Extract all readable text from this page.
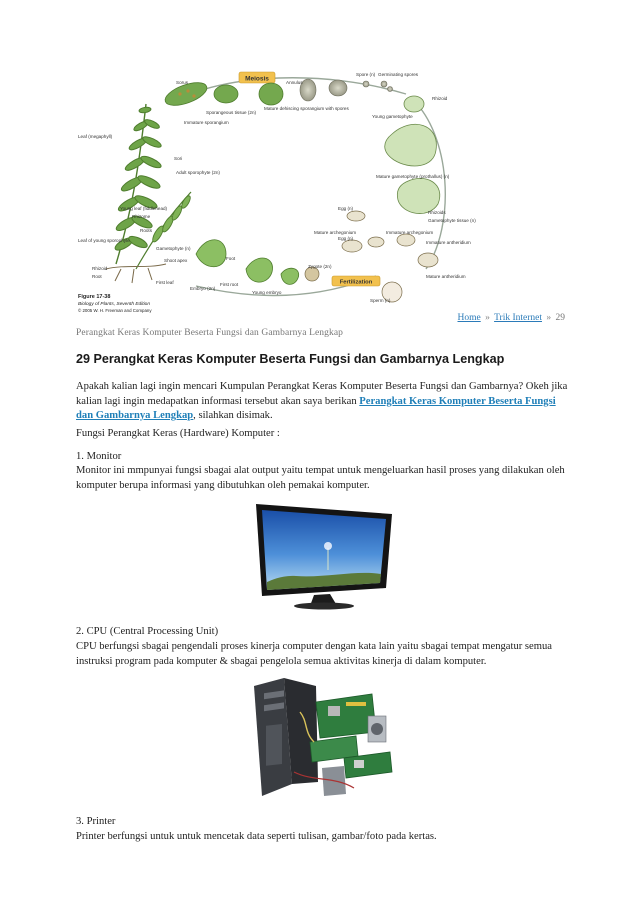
Meiosis
Fertilization
Leaf (megaphyll)
Sorus
Sporangeous tissue (2n)
Immature sporangium
Annulus
Mature dehiscing sporangium with spores
Spore (n) Germinating spores
Young gametophyte
Rhizoid
Sori
Adult sporophyte (2n)
Young leaf (fiddlehead)
Rhizome
Roots
Mature gametophyte (prothallus) (n)
Rhizoids
Gametophyte tissue (n)
Leaf of young sporophyte
Gametophyte (n)
Rhizoid
Root
Shoot apex	Foot
First leaf
Embryo (2n)
First root
Young embryo
Egg (n)
Mature archegonium
Egg (n)
Immature archegonium
Zygote (2n)
Sperm (n)
Immature antheridium
Mature antheridium
Figure 17-38
Biology of Plants, Seventh Edition
© 2005 W. H. Freeman and Company
Home » Trik Internet » 29
Perangkat Keras Komputer Beserta Fungsi dan Gambarnya Lengkap
29 Perangkat Keras Komputer Beserta Fungsi dan Gambarnya Lengkap

Apakah kalian lagi ingin mencari Kumpulan Perangkat Keras Komputer Beserta Fungsi dan Gambarnya? Okeh jika kalian lagi ingin medapatkan informasi tersebut akan saya berikan Perangkat Keras Komputer Beserta Fungsi dan Gambarnya Lengkap, silahkan disimak.

Fungsi Perangkat Keras (Hardware) Komputer :
1. Monitor

Monitor ini mmpunyai fungsi sbagai alat output yaitu tempat untuk mengeluarkan hasil proses yang dilakukan oleh komputer berupa informasi yang dibutuhkan oleh pemakai komputer.

2. CPU (Central Processing Unit)

CPU berfungsi sbagai pengendali proses kinerja computer dengan kata lain yaitu sbagai tempat mengatur semua instruksi program pada komputer & sbagai pengelola semua aktivitas kinerja di dalam komputer.

3. Printer

Printer berfungsi untuk untuk mencetak data seperti tulisan, gambar/foto pada kertas.
